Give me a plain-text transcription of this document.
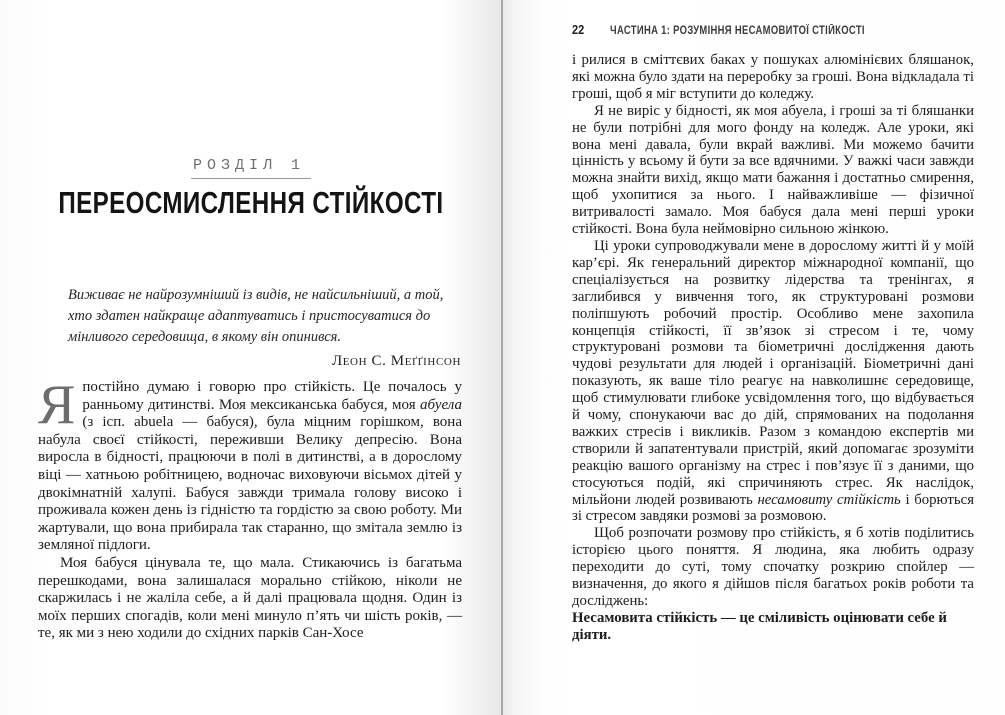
РОЗДІЛ 1
ПЕРЕОСМИСЛЕННЯ СТІЙКОСТІ
Виживає не найрозумніший із видів, не найсильніший, а той, хто здатен найкраще адаптуватись і пристосуватися до мінливого середовища, в якому він опинився.
Леон С. Меґґінсон

Япостійно думаю і говорю про стійкість. Це почалось у ранньому дитинстві. Моя мексиканська бабуся, моя абуела (з ісп. abuela — бабуся), була міцним горішком, вона набула своєї стійкості, переживши Велику депресію. Вона виросла в бідності, працюючи в полі в дитинстві, а в дорослому віці — хатньою робітницею, водночас виховуючи вісьмох дітей у двокімнатній халупі. Бабуся завжди тримала голову високо і проживала кожен день із гідністю та гордістю за свою роботу. Ми жартували, що вона прибирала так старанно, що змітала землю із земляної підлоги.

Моя бабуся цінувала те, що мала. Стикаючись із багатьма перешкодами, вона залишалася морально стійкою, ніколи не скаржилась і не жаліла себе, а й далі працювала щодня. Один із моїх перших спогадів, коли мені минуло п’ять чи шість років, — те, як ми з нею ходили до східних парків Сан-Хосе

22 ЧАСТИНА 1: РОЗУМІННЯ НЕСАМОВИТОЇ СТІЙКОСТІ

і рилися в сміттєвих баках у пошуках алюмінієвих бляшанок, які можна було здати на переробку за гроші. Вона відкладала ті гроші, щоб я міг вступити до коледжу.

Я не виріс у бідності, як моя абуела, і гроші за ті бляшанки не були потрібні для мого фонду на коледж. Але уроки, які вона мені давала, були вкрай важливі. Ми можемо бачити цінність у всьому й бути за все вдячними. У важкі часи завжди можна знайти вихід, якщо мати бажання і достатньо смирення, щоб ухопитися за нього. І найважливіше — фізичної витривалості замало. Моя бабуся дала мені перші уроки стійкості. Вона була неймовірно сильною жінкою.

Ці уроки супроводжували мене в дорослому житті й у моїй кар’єрі. Як генеральний директор міжнародної компанії, що спеціалізується на розвитку лідерства та тренінгах, я заглибився у вивчення того, як структуровані розмови поліпшують робочий простір. Особливо мене захопила концепція стійкості, її зв’язок зі стресом і те, чому структуровані розмови та біометричні дослідження дають чудові результати для людей і організацій. Біометричні дані показують, як ваше тіло реагує на навколишнє середовище, щоб стимулювати глибоке усвідомлення того, що відбувається й чому, спонукаючи вас до дій, спрямованих на подолання важких стресів і викликів. Разом з командою експертів ми створили й запатентували пристрій, який допомагає зрозуміти реакцію вашого організму на стрес і пов’язує її з даними, що стосуються подій, які спричиняють стрес. Як наслідок, мільйони людей розвивають несамовиту стійкість і борються зі стресом завдяки розмові за розмовою.

Щоб розпочати розмову про стійкість, я б хотів поділитись історією цього поняття. Я людина, яка любить одразу переходити до суті, тому спочатку розкрию спойлер — визначення, до якого я дійшов після багатьох років роботи та досліджень:

Несамовита стійкість — це сміливість оцінювати себе й діяти.
